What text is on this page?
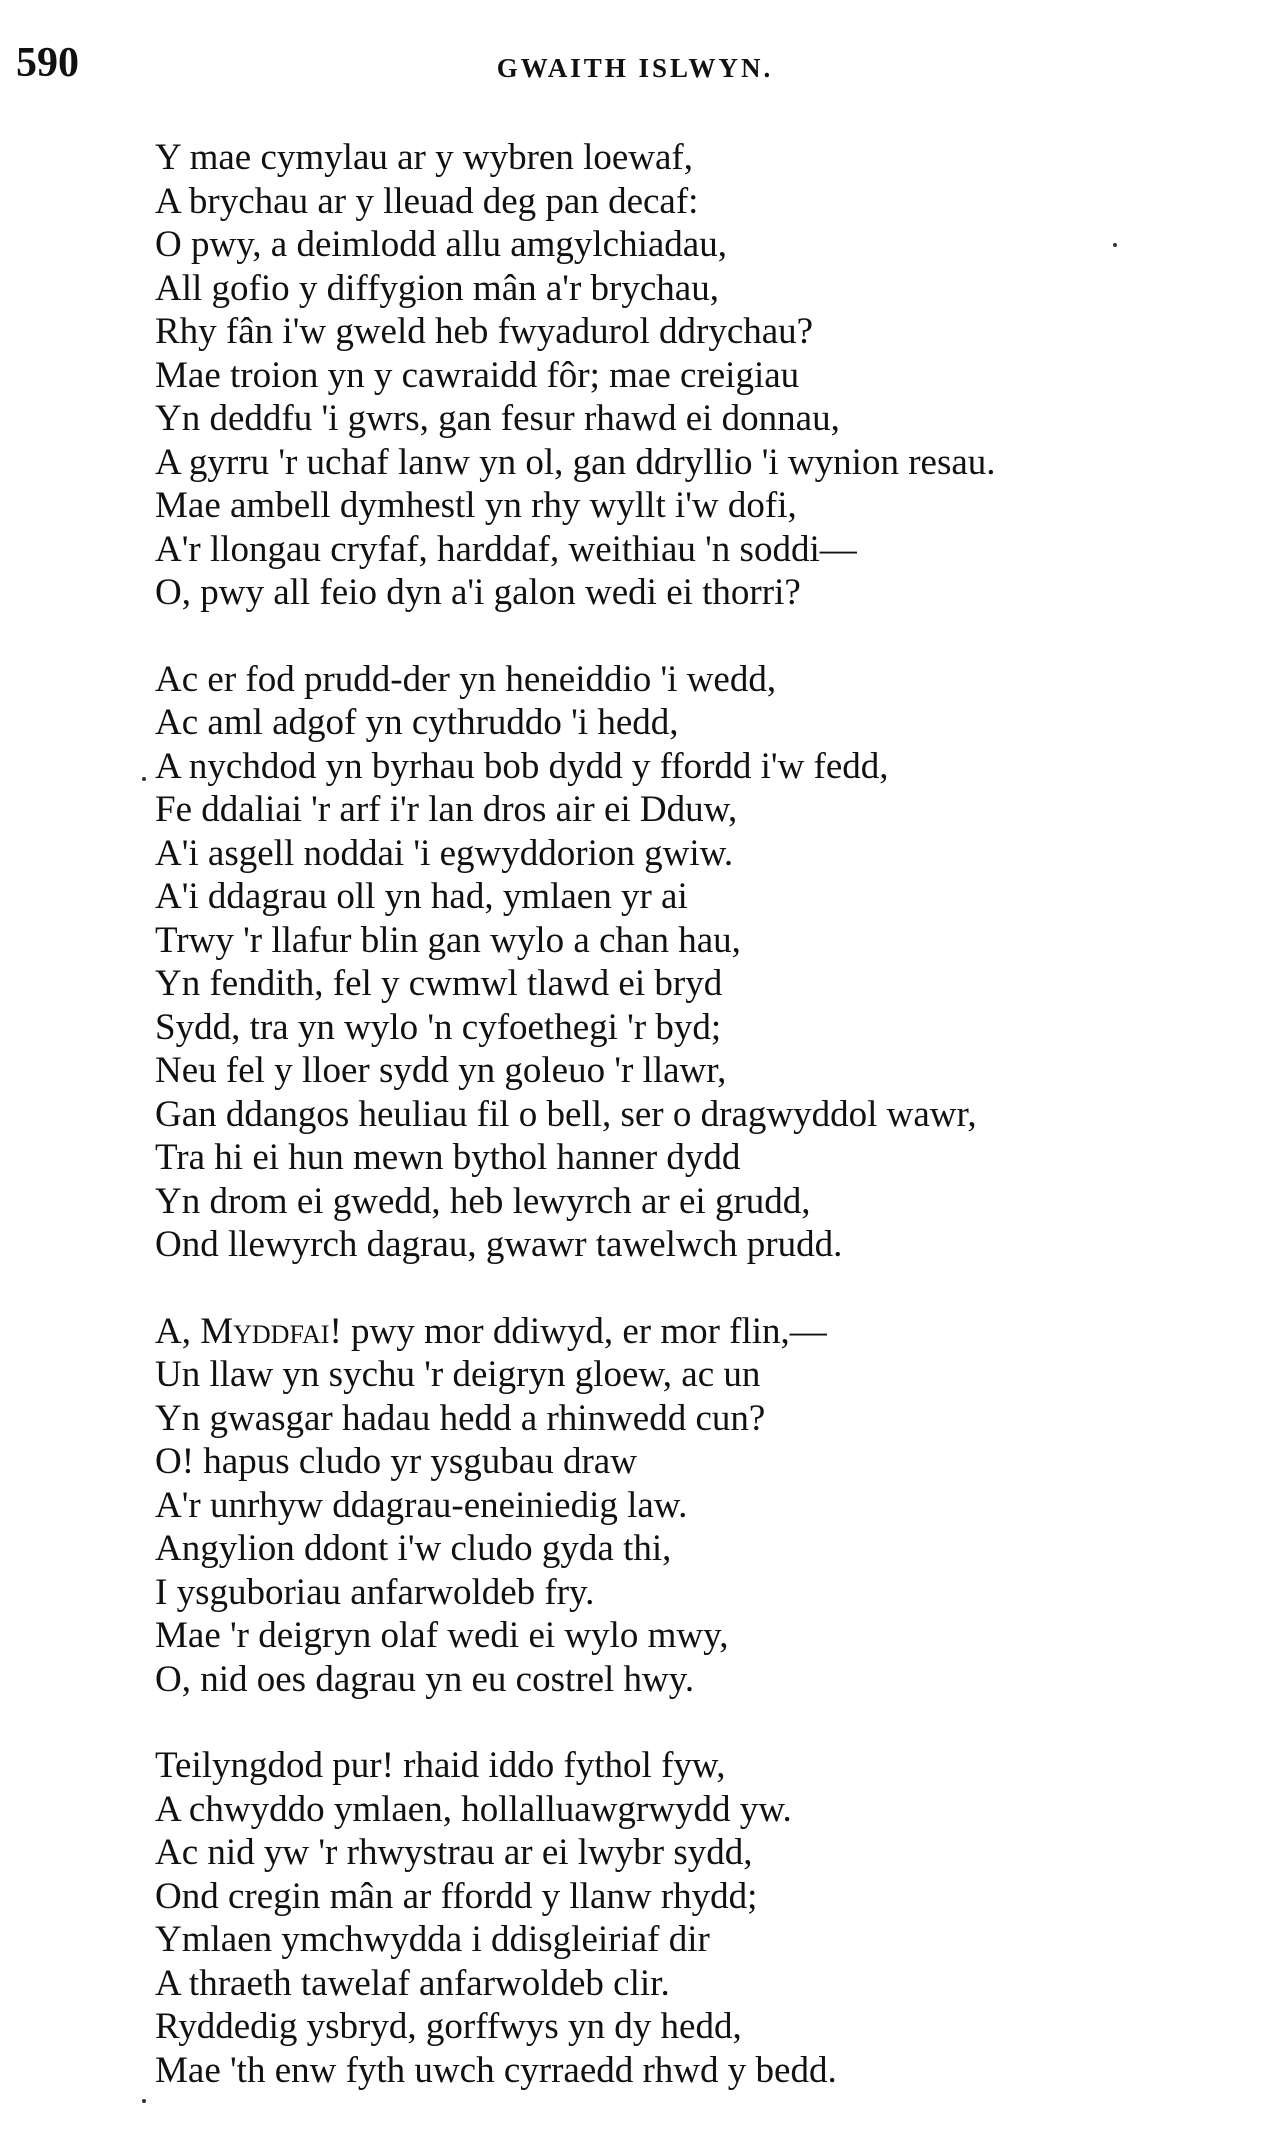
590	GWAITH ISLWYN.
Y mae cymylau ar y wybren loewaf,
A brychau ar y lleuad deg pan decaf:
O pwy, a deimlodd allu amgylchiadau,
All gofio y diffygion mân a'r brychau,
Rhy fân i'w gweld heb fwyadurol ddrychau?
Mae troion yn y cawraidd fôr; mae creigiau
Yn deddfu 'i gwrs, gan fesur rhawd ei donnau,
A gyrru 'r uchaf lanw yn ol, gan ddryllio 'i wynion resau.
Mae ambell dymhestl yn rhy wyllt i'w dofi,
A'r llongau cryfaf, harddaf, weithiau 'n soddi—
O, pwy all feio dyn a'i galon wedi ei thorri?
Ac er fod prudd-der yn heneiddio 'i wedd,
Ac aml adgof yn cythruddo 'i hedd,
A nychdod yn byrhau bob dydd y ffordd i'w fedd,
Fe ddaliai 'r arf i'r lan dros air ei Dduw,
A'i asgell noddai 'i egwyddorion gwiw.
A'i ddagrau oll yn had, ymlaen yr ai
Trwy 'r llafur blin gan wylo a chan hau,
Yn fendith, fel y cwmwl tlawd ei bryd
Sydd, tra yn wylo 'n cyfoethegi 'r byd;
Neu fel y lloer sydd yn goleuo 'r llawr,
Gan ddangos heuliau fil o bell, ser o dragwyddol wawr,
Tra hi ei hun mewn bythol hanner dydd
Yn drom ei gwedd, heb lewyrch ar ei grudd,
Ond llewyrch dagrau, gwawr tawelwch prudd.
A, Myddfai! pwy mor ddiwyd, er mor flin,—
Un llaw yn sychu 'r deigryn gloew, ac un
Yn gwasgar hadau hedd a rhinwedd cun?
O! hapus cludo yr ysgubau draw
A'r unrhyw ddagrau-eneiniedig law.
Angylion ddont i'w cludo gyda thi,
I ysguboriau anfarwoldeb fry.
Mae 'r deigryn olaf wedi ei wylo mwy,
O, nid oes dagrau yn eu costrel hwy.
Teilyngdod pur! rhaid iddo fythol fyw,
A chwyddo ymlaen, hollalluawgrwydd yw.
Ac nid yw 'r rhwystrau ar ei lwybr sydd,
Ond cregin mân ar ffordd y llanw rhydd;
Ymlaen ymchwydda i ddisgleiriaf dir
A thraeth tawelaf anfarwoldeb clir.
Ryddedig ysbryd, gorffwys yn dy hedd,
Mae 'th enw fyth uwch cyrraedd rhwd y bedd.
